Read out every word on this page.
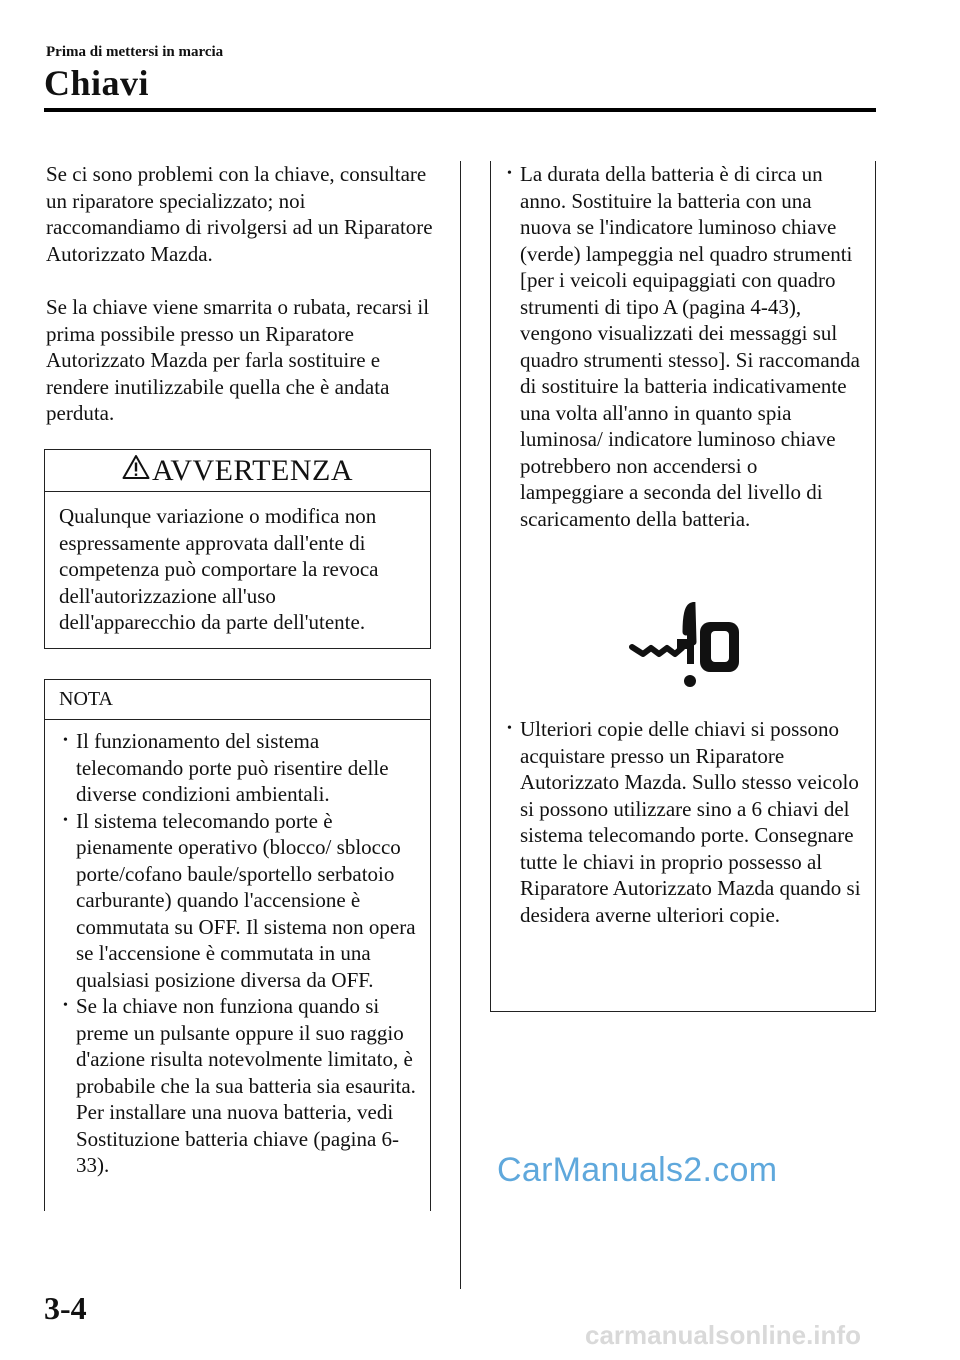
Prima di mettersi in marcia
Chiavi
Se ci sono problemi con la chiave, consultare un riparatore specializzato; noi raccomandiamo di rivolgersi ad un Riparatore Autorizzato Mazda.
Se la chiave viene smarrita o rubata, recarsi il prima possibile presso un Riparatore Autorizzato Mazda per farla sostituire e rendere inutilizzabile quella che è andata perduta.
AVVERTENZA
Qualunque variazione o modifica non espressamente approvata dall'ente di competenza può comportare la revoca dell'autorizzazione all'uso dell'apparecchio da parte dell'utente.
NOTA
• Il funzionamento del sistema telecomando porte può risentire delle diverse condizioni ambientali.
• Il sistema telecomando porte è pienamente operativo (blocco/ sblocco porte/cofano baule/sportello serbatoio carburante) quando l'accensione è commutata su OFF. Il sistema non opera se l'accensione è commutata in una qualsiasi posizione diversa da OFF.
• Se la chiave non funziona quando si preme un pulsante oppure il suo raggio d'azione risulta notevolmente limitato, è probabile che la sua batteria sia esaurita. Per installare una nuova batteria, vedi Sostituzione batteria chiave (pagina 6-33).
• La durata della batteria è di circa un anno. Sostituire la batteria con una nuova se l'indicatore luminoso chiave (verde) lampeggia nel quadro strumenti [per i veicoli equipaggiati con quadro strumenti di tipo A (pagina 4-43), vengono visualizzati dei messaggi sul quadro strumenti stesso]. Si raccomanda di sostituire la batteria indicativamente una volta all'anno in quanto spia luminosa/ indicatore luminoso chiave potrebbero non accendersi o lampeggiare a seconda del livello di scaricamento della batteria.
• Ulteriori copie delle chiavi si possono acquistare presso un Riparatore Autorizzato Mazda. Sullo stesso veicolo si possono utilizzare sino a 6 chiavi del sistema telecomando porte. Consegnare tutte le chiavi in proprio possesso al Riparatore Autorizzato Mazda quando si desidera averne ulteriori copie.
3-4
CarManuals2.com
carmanualsonline.info
